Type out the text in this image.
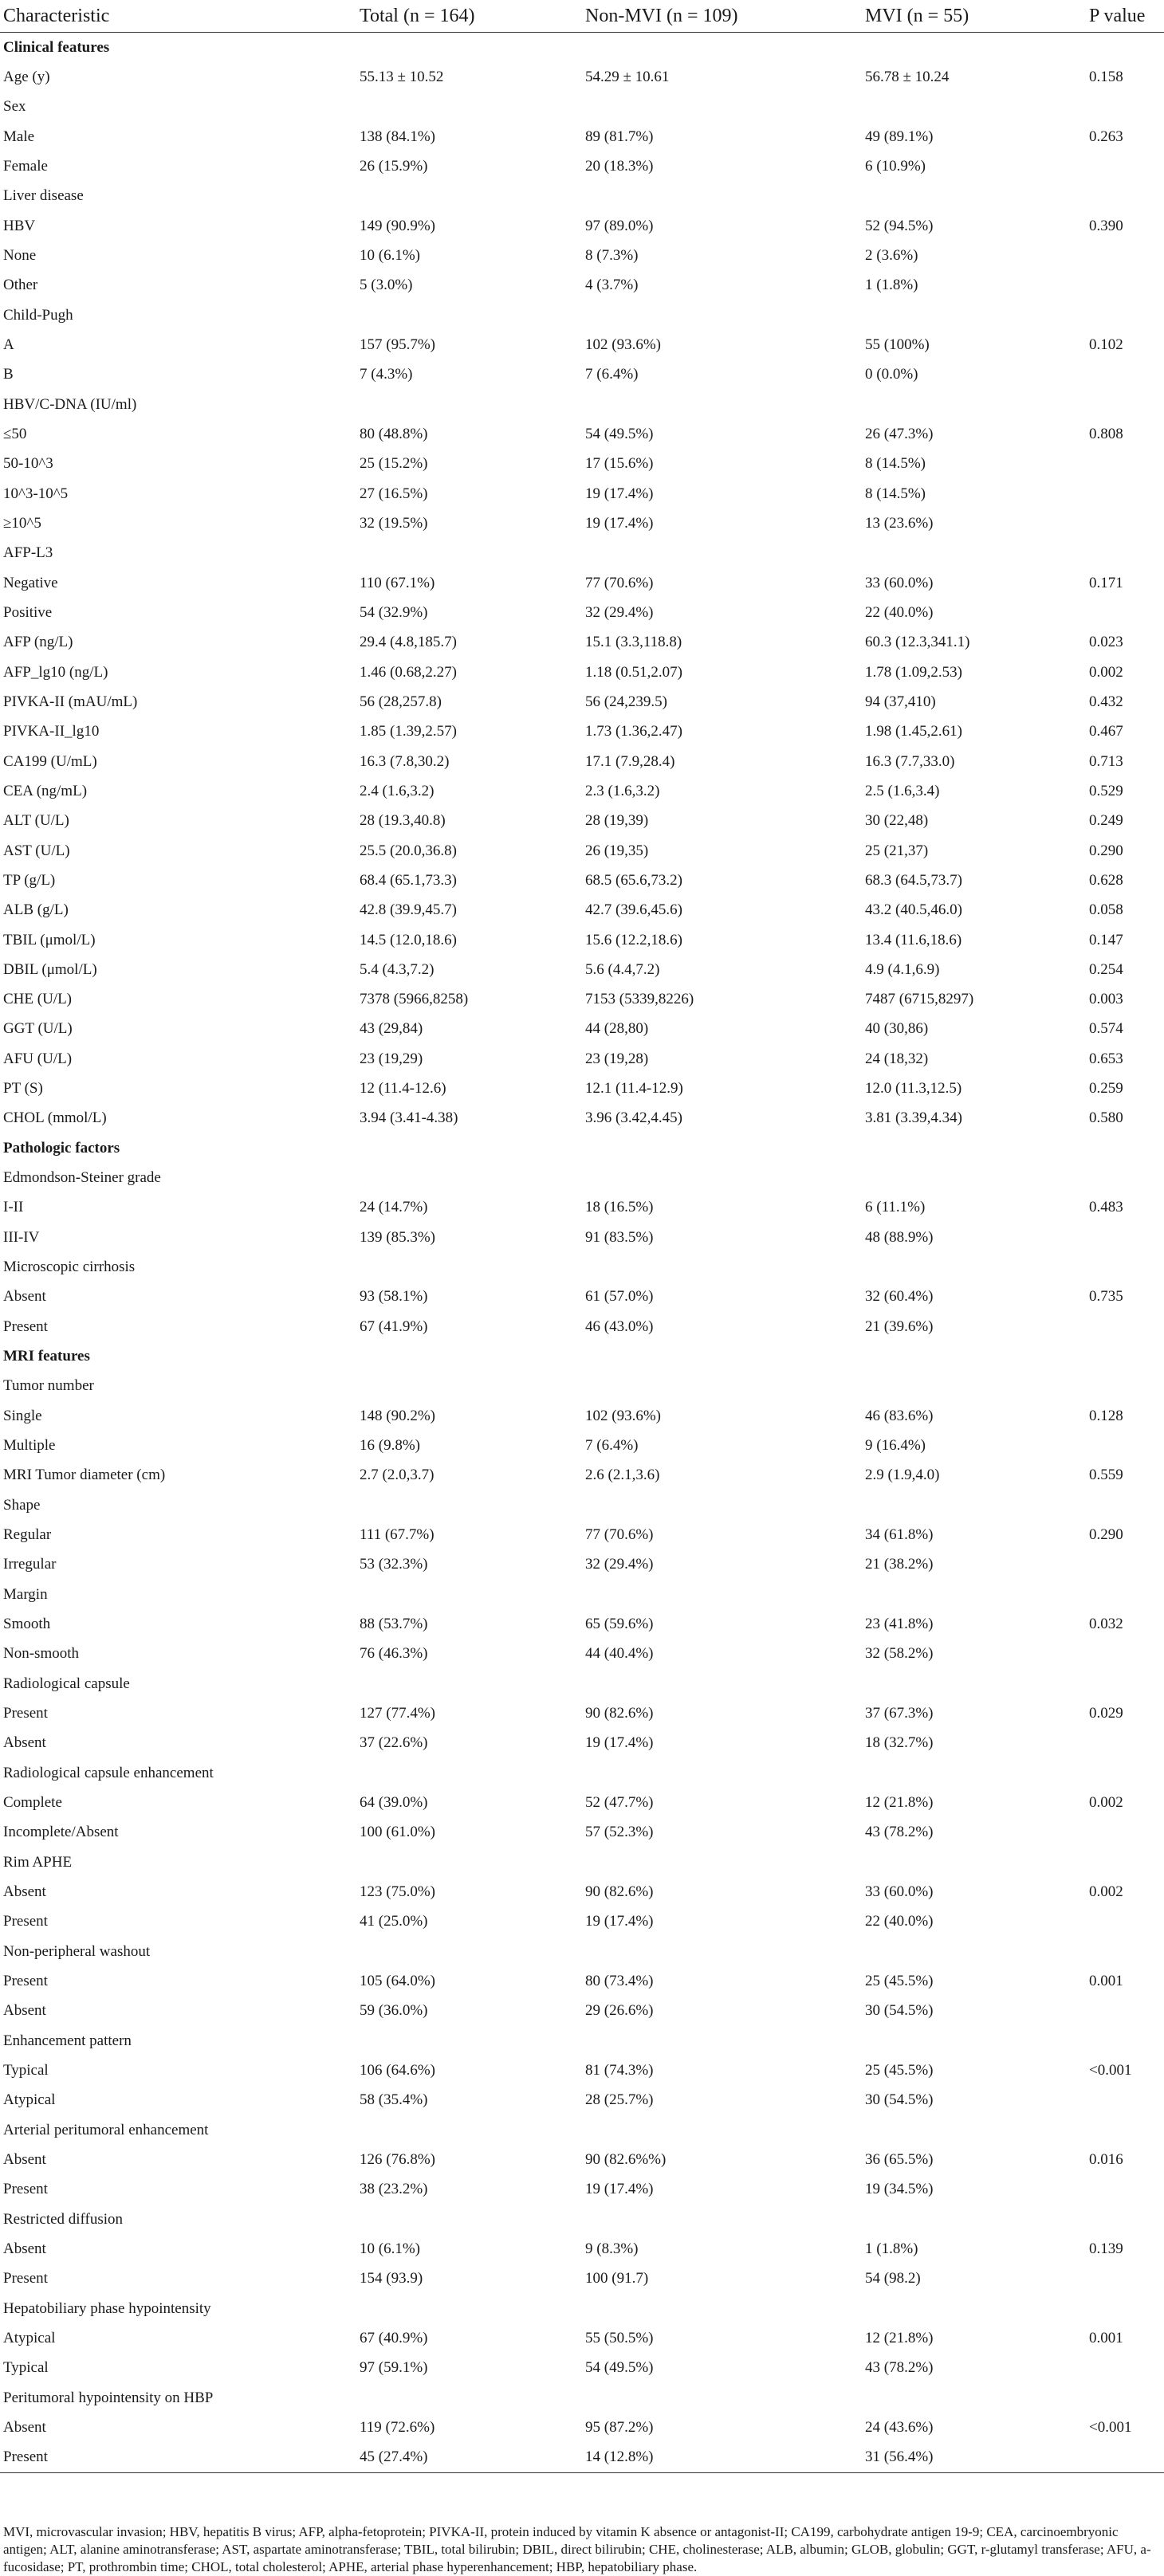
Characteristic	Total (n = 164)	Non-MVI (n = 109)	MVI (n = 55)	P value
Clinical features				
Age (y)	55.13 ± 10.52	54.29 ± 10.61	56.78 ± 10.24	0.158
Sex				
Male	138 (84.1%)	89 (81.7%)	49 (89.1%)	0.263
Female	26 (15.9%)	20 (18.3%)	6 (10.9%)	
Liver disease				
HBV	149 (90.9%)	97 (89.0%)	52 (94.5%)	0.390
None	10 (6.1%)	8 (7.3%)	2 (3.6%)	
Other	5 (3.0%)	4 (3.7%)	1 (1.8%)	
Child-Pugh				
A	157 (95.7%)	102 (93.6%)	55 (100%)	0.102
B	7 (4.3%)	7 (6.4%)	0 (0.0%)	
HBV/C-DNA (IU/ml)				
≤50	80 (48.8%)	54 (49.5%)	26 (47.3%)	0.808
50-10^3	25 (15.2%)	17 (15.6%)	8 (14.5%)	
10^3-10^5	27 (16.5%)	19 (17.4%)	8 (14.5%)	
≥10^5	32 (19.5%)	19 (17.4%)	13 (23.6%)	
AFP-L3				
Negative	110 (67.1%)	77 (70.6%)	33 (60.0%)	0.171
Positive	54 (32.9%)	32 (29.4%)	22 (40.0%)	
AFP (ng/L)	29.4 (4.8,185.7)	15.1 (3.3,118.8)	60.3 (12.3,341.1)	0.023
AFP_lg10 (ng/L)	1.46 (0.68,2.27)	1.18 (0.51,2.07)	1.78 (1.09,2.53)	0.002
PIVKA-II (mAU/mL)	56 (28,257.8)	56 (24,239.5)	94 (37,410)	0.432
PIVKA-II_lg10	1.85 (1.39,2.57)	1.73 (1.36,2.47)	1.98 (1.45,2.61)	0.467
CA199 (U/mL)	16.3 (7.8,30.2)	17.1 (7.9,28.4)	16.3 (7.7,33.0)	0.713
CEA (ng/mL)	2.4 (1.6,3.2)	2.3 (1.6,3.2)	2.5 (1.6,3.4)	0.529
ALT (U/L)	28 (19.3,40.8)	28 (19,39)	30 (22,48)	0.249
AST (U/L)	25.5 (20.0,36.8)	26 (19,35)	25 (21,37)	0.290
TP (g/L)	68.4 (65.1,73.3)	68.5 (65.6,73.2)	68.3 (64.5,73.7)	0.628
ALB (g/L)	42.8 (39.9,45.7)	42.7 (39.6,45.6)	43.2 (40.5,46.0)	0.058
TBIL (μmol/L)	14.5 (12.0,18.6)	15.6 (12.2,18.6)	13.4 (11.6,18.6)	0.147
DBIL (μmol/L)	5.4 (4.3,7.2)	5.6 (4.4,7.2)	4.9 (4.1,6.9)	0.254
CHE (U/L)	7378 (5966,8258)	7153 (5339,8226)	7487 (6715,8297)	0.003
GGT (U/L)	43 (29,84)	44 (28,80)	40 (30,86)	0.574
AFU (U/L)	23 (19,29)	23 (19,28)	24 (18,32)	0.653
PT (S)	12 (11.4-12.6)	12.1 (11.4-12.9)	12.0 (11.3,12.5)	0.259
CHOL (mmol/L)	3.94 (3.41-4.38)	3.96 (3.42,4.45)	3.81 (3.39,4.34)	0.580
Pathologic factors				
Edmondson-Steiner grade				
I-II	24 (14.7%)	18 (16.5%)	6 (11.1%)	0.483
III-IV	139 (85.3%)	91 (83.5%)	48 (88.9%)	
Microscopic cirrhosis				
Absent	93 (58.1%)	61 (57.0%)	32 (60.4%)	0.735
Present	67 (41.9%)	46 (43.0%)	21 (39.6%)	
MRI features				
Tumor number				
Single	148 (90.2%)	102 (93.6%)	46 (83.6%)	0.128
Multiple	16 (9.8%)	7 (6.4%)	9 (16.4%)	
MRI Tumor diameter (cm)	2.7 (2.0,3.7)	2.6 (2.1,3.6)	2.9 (1.9,4.0)	0.559
Shape				
Regular	111 (67.7%)	77 (70.6%)	34 (61.8%)	0.290
Irregular	53 (32.3%)	32 (29.4%)	21 (38.2%)	
Margin				
Smooth	88 (53.7%)	65 (59.6%)	23 (41.8%)	0.032
Non-smooth	76 (46.3%)	44 (40.4%)	32 (58.2%)	
Radiological capsule				
Present	127 (77.4%)	90 (82.6%)	37 (67.3%)	0.029
Absent	37 (22.6%)	19 (17.4%)	18 (32.7%)	
Radiological capsule enhancement				
Complete	64 (39.0%)	52 (47.7%)	12 (21.8%)	0.002
Incomplete/Absent	100 (61.0%)	57 (52.3%)	43 (78.2%)	
Rim APHE				
Absent	123 (75.0%)	90 (82.6%)	33 (60.0%)	0.002
Present	41 (25.0%)	19 (17.4%)	22 (40.0%)	
Non-peripheral washout				
Present	105 (64.0%)	80 (73.4%)	25 (45.5%)	0.001
Absent	59 (36.0%)	29 (26.6%)	30 (54.5%)	
Enhancement pattern				
Typical	106 (64.6%)	81 (74.3%)	25 (45.5%)	<0.001
Atypical	58 (35.4%)	28 (25.7%)	30 (54.5%)	
Arterial peritumoral enhancement				
Absent	126 (76.8%)	90 (82.6%%)	36 (65.5%)	0.016
Present	38 (23.2%)	19 (17.4%)	19 (34.5%)	
Restricted diffusion				
Absent	10 (6.1%)	9 (8.3%)	1 (1.8%)	0.139
Present	154 (93.9)	100 (91.7)	54 (98.2)	
Hepatobiliary phase hypointensity				
Atypical	67 (40.9%)	55 (50.5%)	12 (21.8%)	0.001
Typical	97 (59.1%)	54 (49.5%)	43 (78.2%)	
Peritumoral hypointensity on HBP				
Absent	119 (72.6%)	95 (87.2%)	24 (43.6%)	<0.001
Present	45 (27.4%)	14 (12.8%)	31 (56.4%)	
MVI, microvascular invasion; HBV, hepatitis B virus; AFP, alpha-fetoprotein; PIVKA-II, protein induced by vitamin K absence or antagonist-II; CA199, carbohydrate antigen 19-9; CEA, carcinoembryonic antigen; ALT, alanine aminotransferase; AST, aspartate aminotransferase; TBIL, total bilirubin; DBIL, direct bilirubin; CHE, cholinesterase; ALB, albumin; GLOB, globulin; GGT, r-glutamyl transferase; AFU, a-fucosidase; PT, prothrombin time; CHOL, total cholesterol; APHE, arterial phase hyperenhancement; HBP, hepatobiliary phase.
